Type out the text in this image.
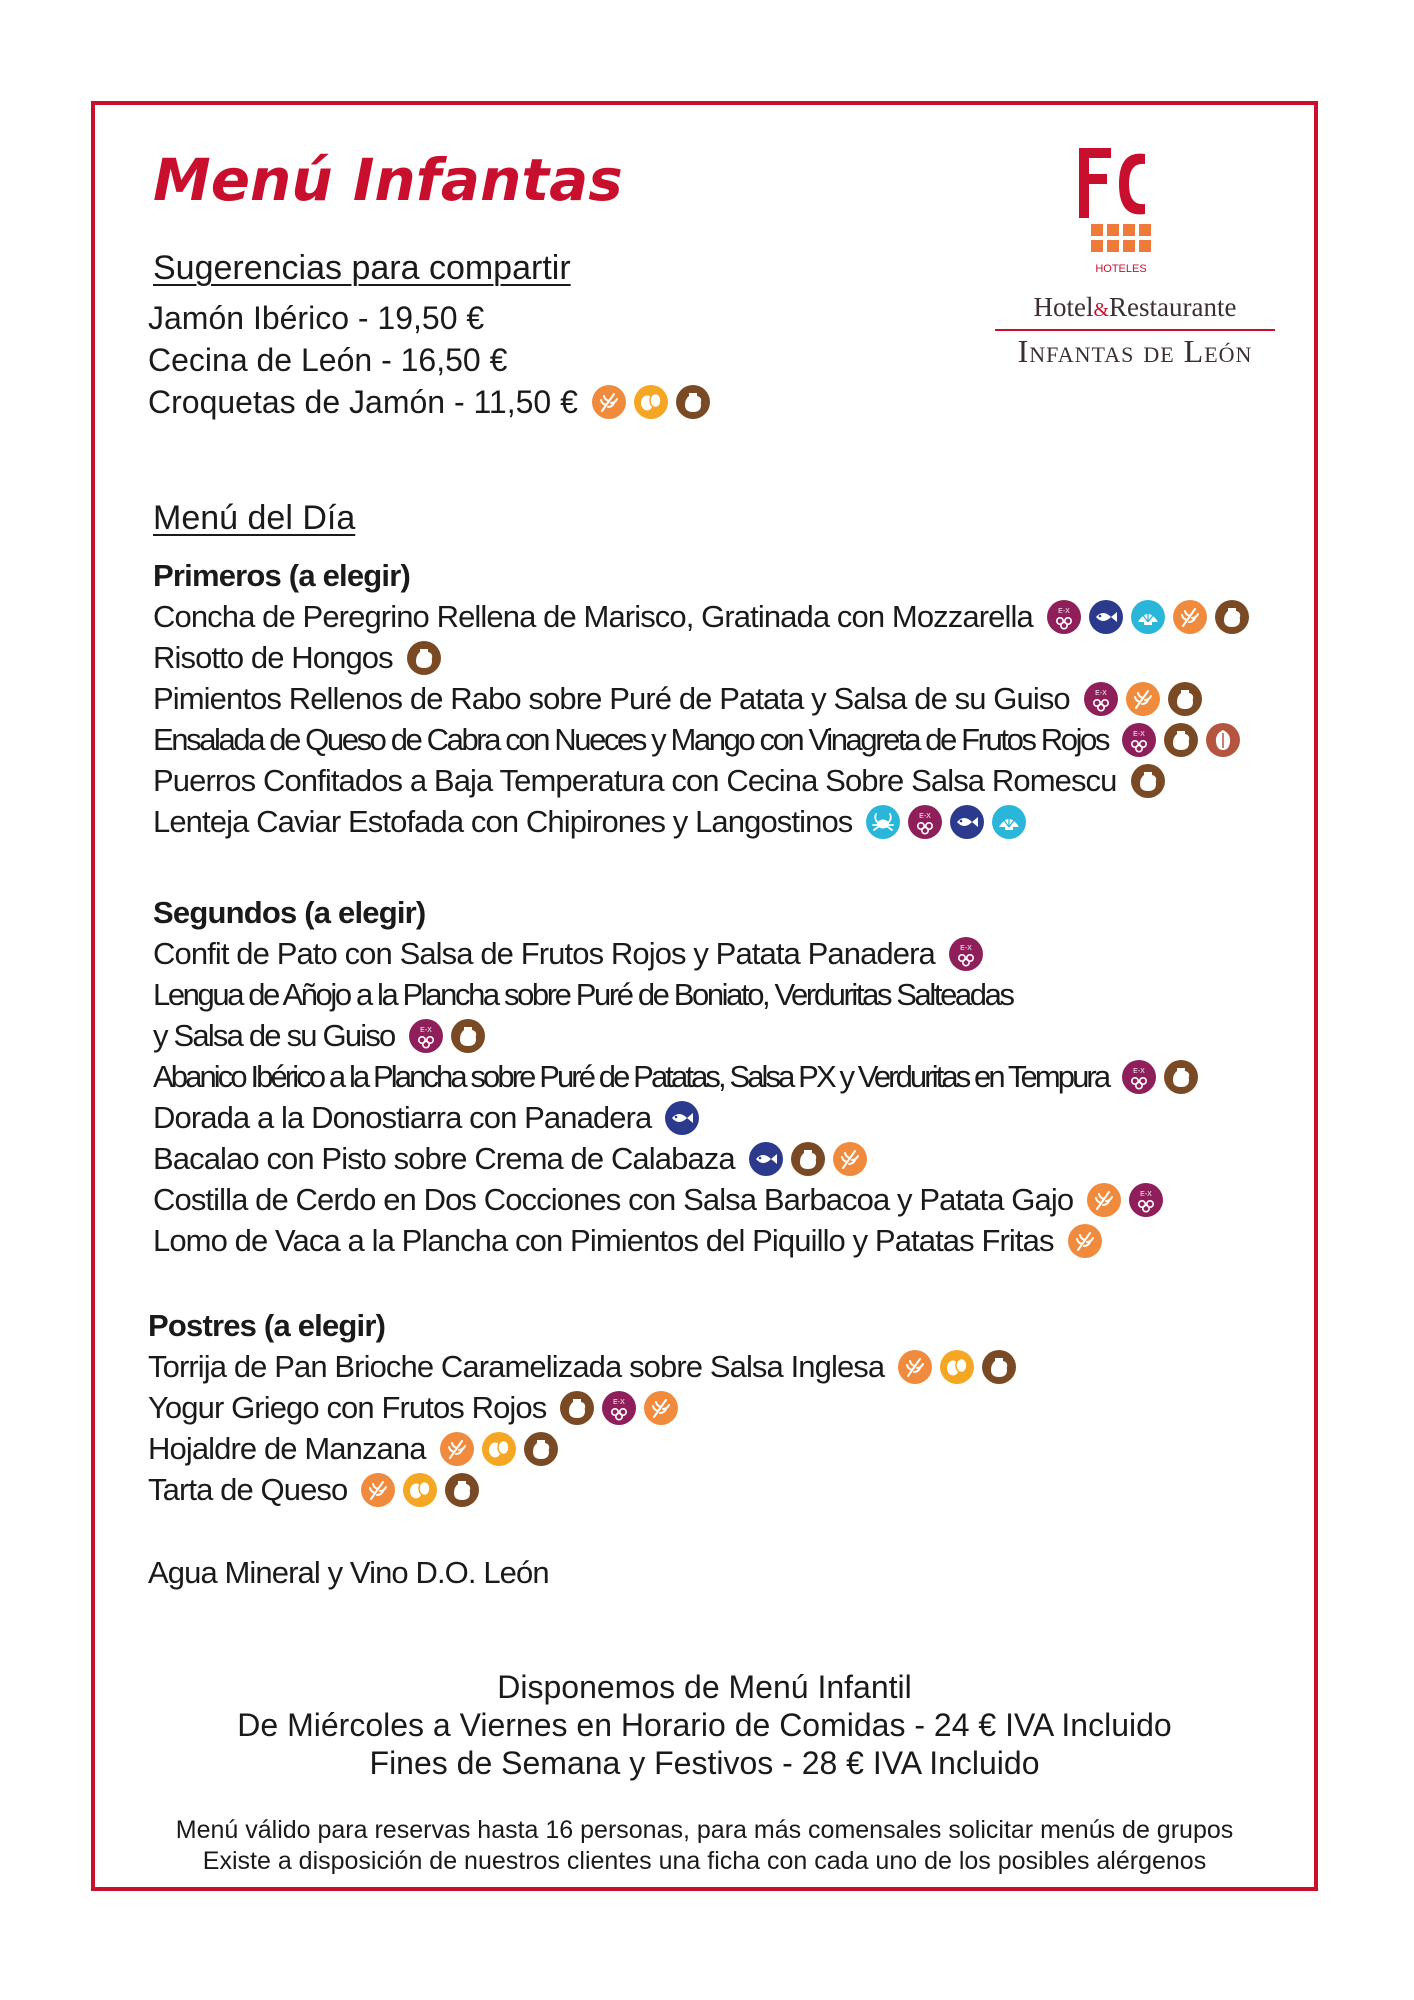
Menú Infantas
HOTELES
Hotel&Restaurante
Infantas de León
Sugerencias para compartir
Jamón Ibérico - 19,50 €
Cecina de León - 16,50 €
Croquetas de Jamón - 11,50 €
Menú del Día
Primeros (a elegir)
Concha de Peregrino Rellena de Marisco, Gratinada con Mozzarella	E-X
Risotto de Hongos
Pimientos Rellenos de Rabo sobre Puré de Patata y Salsa de su Guiso	E-X
Ensalada de Queso de Cabra con Nueces y Mango con Vinagreta de Frutos Rojos	E-X
Puerros Confitados a Baja Temperatura con Cecina Sobre Salsa Romescu
Lenteja Caviar Estofada con Chipirones y Langostinos	E-X
Segundos (a elegir)
Confit de Pato con Salsa de Frutos Rojos y Patata Panadera	E-X
Lengua de Añojo a la Plancha sobre Puré de Boniato, Verduritas Salteadas
y Salsa de su Guiso	E-X
Abanico Ibérico a la Plancha sobre Puré de Patatas, Salsa PX y Verduritas en Tempura	E-X
Dorada a la Donostiarra con Panadera
Bacalao con Pisto sobre Crema de Calabaza
Costilla de Cerdo en Dos Cocciones con Salsa Barbacoa y Patata Gajo	E-X
Lomo de Vaca a la Plancha con Pimientos del Piquillo y Patatas Fritas
Postres (a elegir)
Torrija de Pan Brioche Caramelizada sobre Salsa Inglesa
Yogur Griego con Frutos Rojos	E-X
Hojaldre de Manzana
Tarta de Queso
Agua Mineral y Vino D.O. León
Disponemos de Menú Infantil
De Miércoles a Viernes en Horario de Comidas - 24 € IVA Incluido
Fines de Semana y Festivos - 28 € IVA Incluido
Menú válido para reservas hasta 16 personas, para más comensales solicitar menús de grupos
Existe a disposición de nuestros clientes una ficha con cada uno de los posibles alérgenos
